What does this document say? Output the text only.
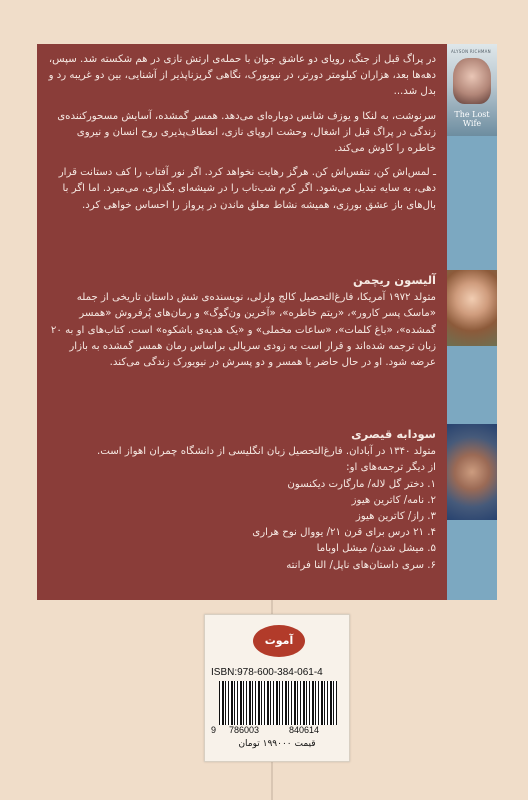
ALYSON RICHMAN
The Lost Wife

در پراگ قبل از جنگ، رویای دو عاشق جوان با حمله‌ی ارتش نازی در هم شکسته شد. سپس، دهه‌ها بعد، هزاران کیلومتر دورتر، در نیویورک، نگاهی گریزناپذیر از آشنایی، بین دو غریبه رد و بدل شد...

سرنوشت، به لنکا و یوزف شانس دوباره‌ای می‌دهد. همسر گمشده، آسایش مسحورکننده‌ی زندگی در پراگ قبل از اشغال، وحشت اروپای نازی، انعطاف‌پذیری روح انسان و نیروی خاطره را کاوش می‌کند.

ـ لمس‌اش کن، تنفس‌اش کن. هرگز رهایت نخواهد کرد. اگر نور آفتاب را کف دستانت قرار دهی، به سایه تبدیل می‌شود. اگر کرم شب‌تاب را در شیشه‌ای بگذاری، می‌میرد. اما اگر با بال‌های باز عشق بورزی، همیشه نشاط معلق ماندن در پرواز را احساس خواهی کرد.

آلیسون ریچمن

متولد ۱۹۷۲ آمریکا، فارغ‌التحصیل کالج ولزلی، نویسنده‌ی شش داستان تاریخی از جمله «ماسک پسر کارور»، «ریتم خاطره»، «آخرین ون‌گوگ» و رمان‌های پُرفروش «همسر گمشده»، «باغ کلمات»، «ساعات مخملی» و «یک هدیه‌ی باشکوه» است. کتاب‌های او به ۲۰ زبان ترجمه شده‌اند و قرار است به زودی سریالی براساس رمان همسر گمشده به بازار عرضه شود. او در حال حاضر با همسر و دو پسرش در نیویورک زندگی می‌کند.

سودابه قیصری
متولد ۱۳۴۰ در آبادان. فارغ‌التحصیل زبان انگلیسی از دانشگاه چمران اهواز است.
از دیگر ترجمه‌های او:
۱. دختر گل لاله/ مارگارت دیکنسون
۲. نامه/ کاترین هیوز
۳. راز/ کاترین هیوز
۴. ۲۱ درس برای قرن ۲۱/ یووال نوح هراری
۵. میشل شدن/ میشل اوباما
۶. سری داستان‌های ناپل/ النا فرانته
آموت
ISBN:978-600-384-061-4
9 786003	840614
قیمت ۱۹۹۰۰۰ تومان
